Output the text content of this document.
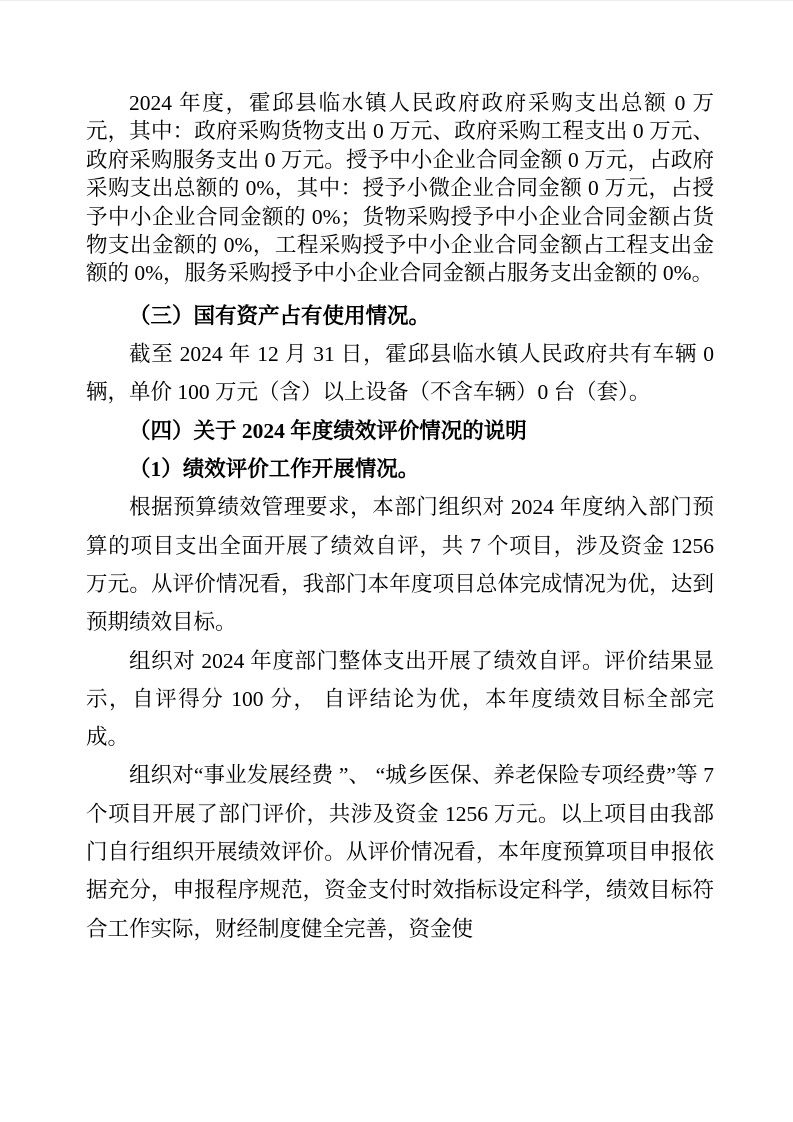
2024 年度，霍邱县临水镇人民政府政府采购支出总额 0 万元，其中：政府采购货物支出 0 万元、政府采购工程支出 0 万元、政府采购服务支出 0 万元。授予中小企业合同金额 0 万元，占政府采购支出总额的 0%，其中：授予小微企业合同金额 0 万元，占授予中小企业合同金额的 0%；货物采购授予中小企业合同金额占货物支出金额的 0%，工程采购授予中小企业合同金额占工程支出金额的 0%，服务采购授予中小企业合同金额占服务支出金额的 0%。

（三）国有资产占有使用情况。

截至 2024 年 12 月 31 日，霍邱县临水镇人民政府共有车辆 0 辆，单价 100 万元（含）以上设备（不含车辆）0 台（套）。

（四）关于 2024 年度绩效评价情况的说明

（1）绩效评价工作开展情况。

根据预算绩效管理要求，本部门组织对 2024 年度纳入部门预算的项目支出全面开展了绩效自评，共 7 个项目，涉及资金 1256 万元。从评价情况看，我部门本年度项目总体完成情况为优，达到预期绩效目标。

组织对 2024 年度部门整体支出开展了绩效自评。评价结果显示，自评得分 100 分， 自评结论为优，本年度绩效目标全部完成。

组织对“事业发展经费 ”、 “城乡医保、养老保险专项经费”等 7 个项目开展了部门评价，共涉及资金 1256 万元。以上项目由我部门自行组织开展绩效评价。从评价情况看，本年度预算项目申报依据充分，申报程序规范，资金支付时效指标设定科学，绩效目标符合工作实际，财经制度健全完善，资金使
